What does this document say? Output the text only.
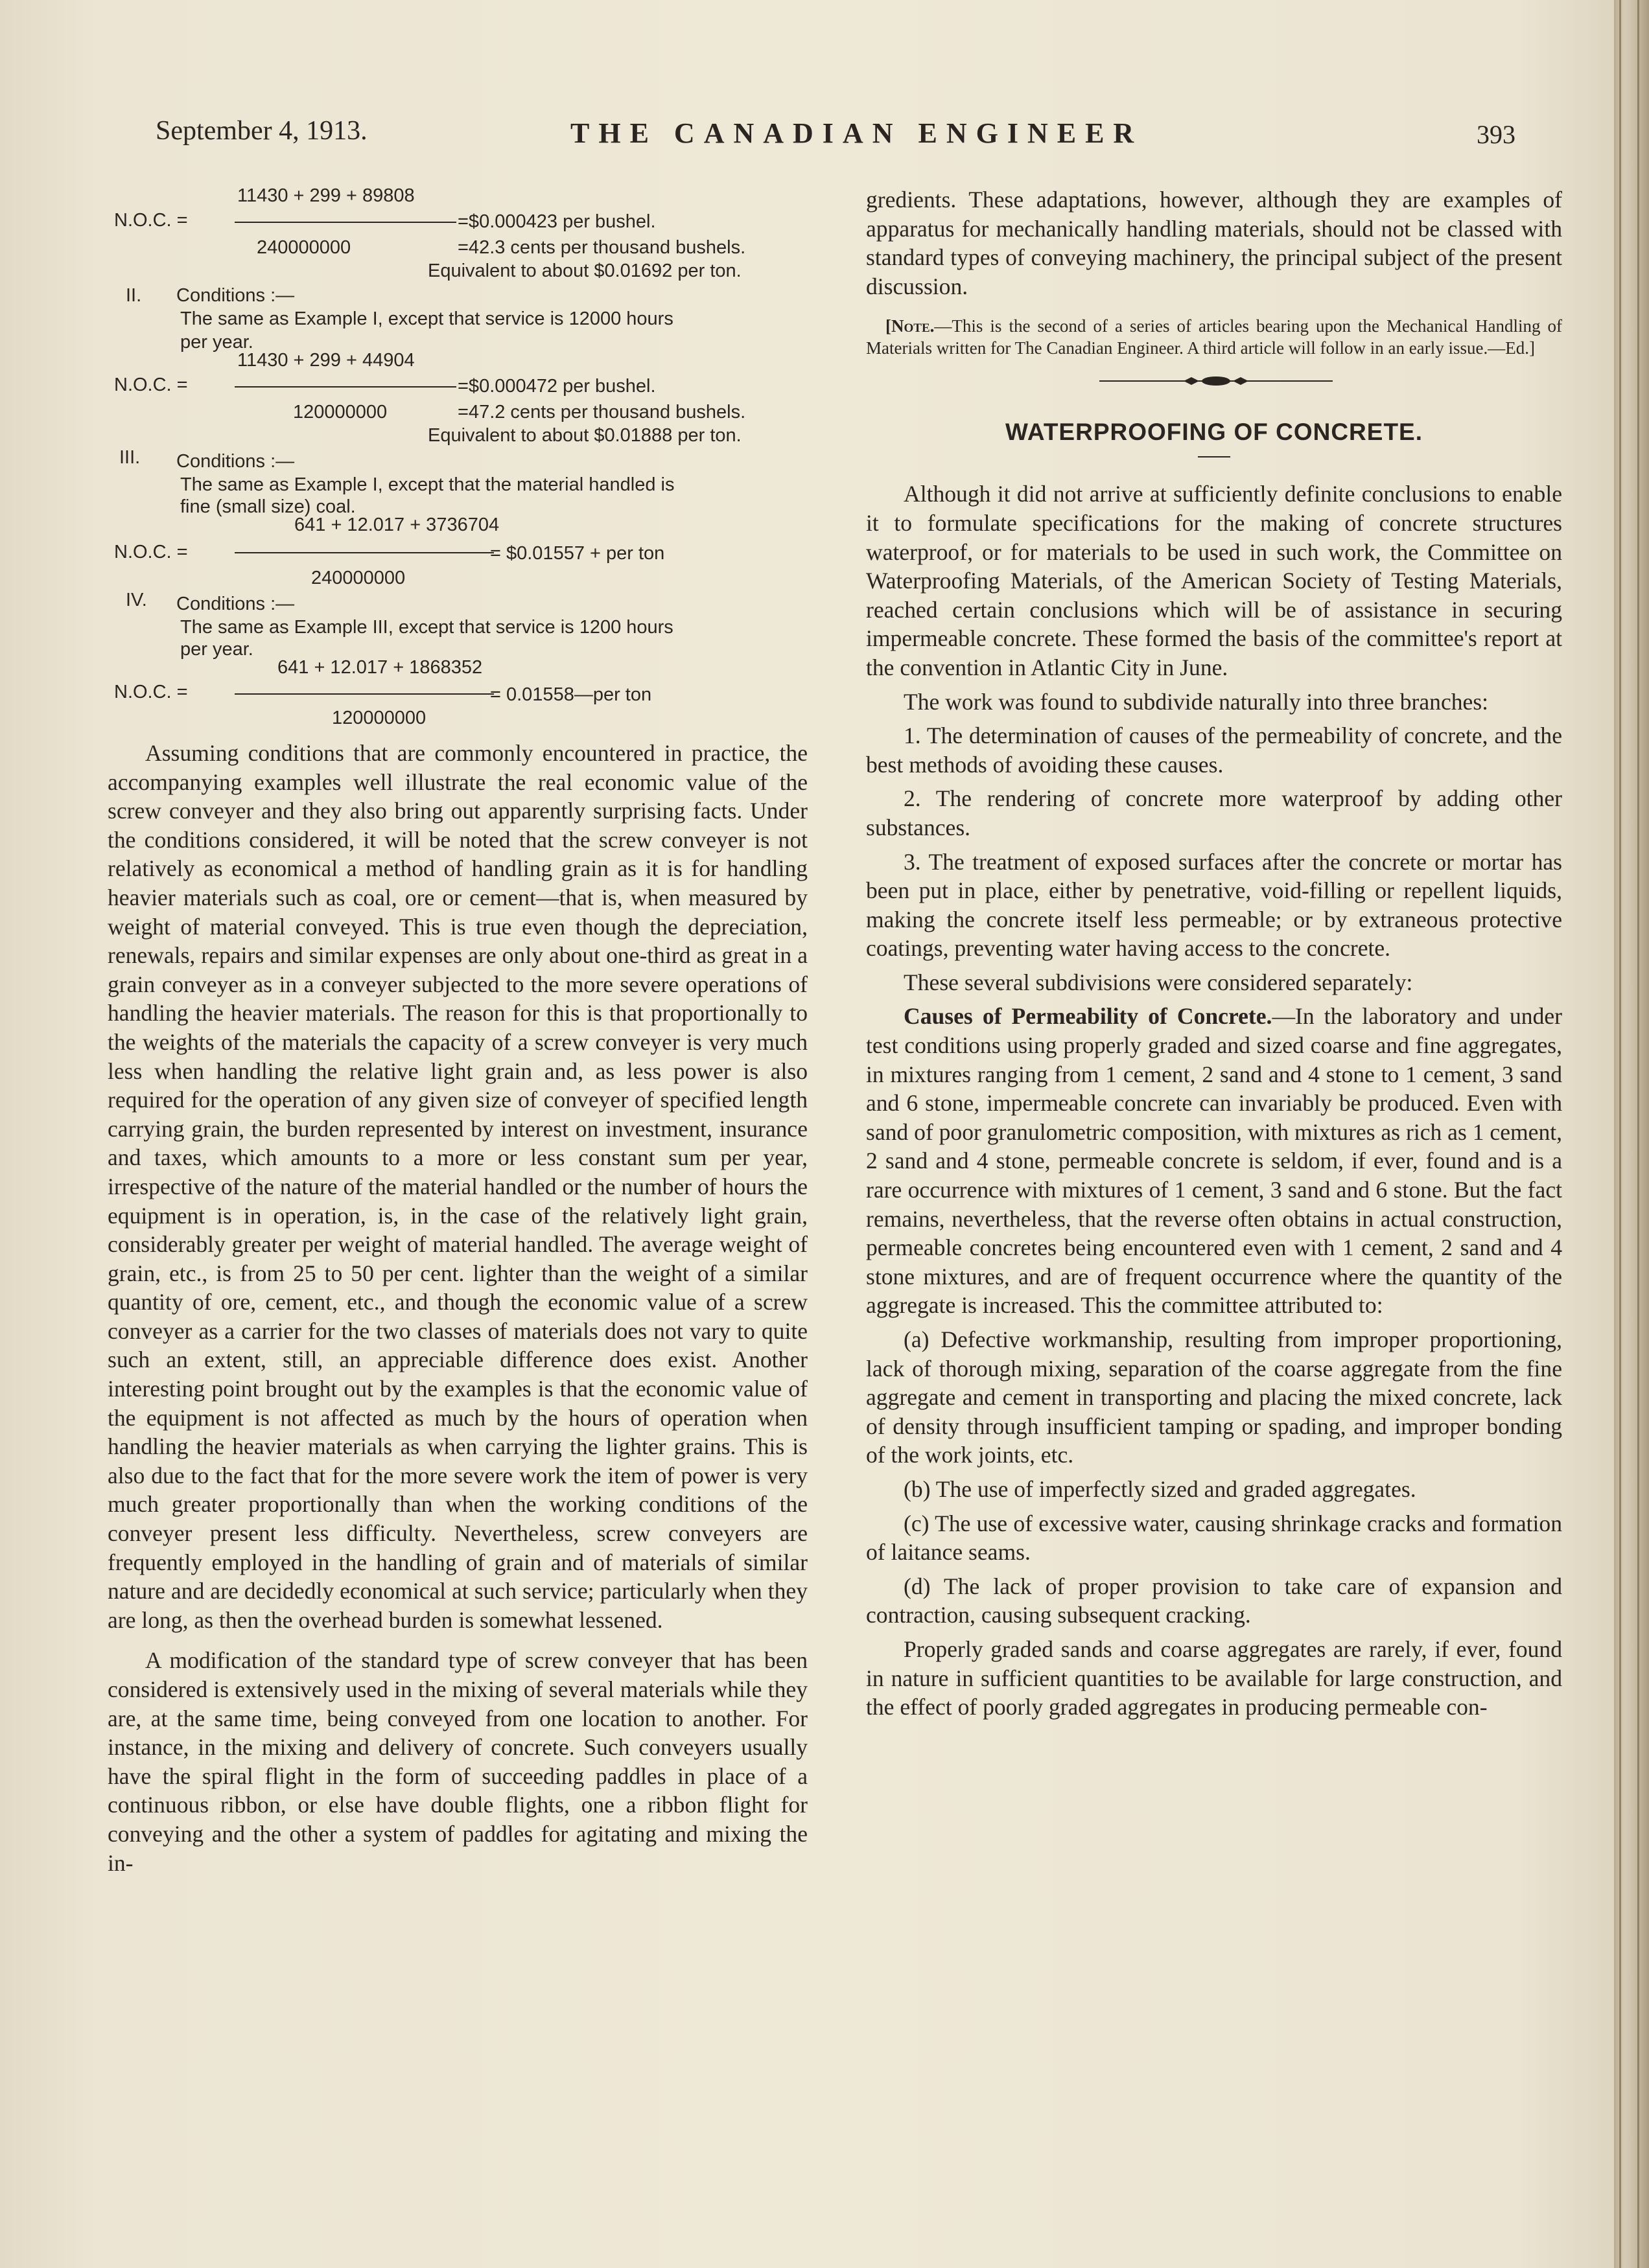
September 4, 1913.	THE CANADIAN ENGINEER	393
11430 + 299 + 89808
N.O.C. =	=$0.000423 per bushel.
240000000	=42.3 cents per thousand bushels.
Equivalent to about $0.01692 per ton.
II. Conditions :—
The same as Example I, except that service is 12000 hours
per year.
11430 + 299 + 44904
N.O.C. =	=$0.000472 per bushel.
120000000	=47.2 cents per thousand bushels.
Equivalent to about $0.01888 per ton.
III. Conditions :—
The same as Example I, except that the material handled is
fine (small size) coal.
641 + 12.017 + 3736704
N.O.C. =	= $0.01557 + per ton
240000000
IV. Conditions :—
The same as Example III, except that service is 1200 hours
per year.
641 + 12.017 + 1868352
N.O.C. =	= 0.01558—per ton
120000000

Assuming conditions that are commonly encountered in practice, the accompanying examples well illustrate the real economic value of the screw conveyer and they also bring out apparently surprising facts. Under the conditions considered, it will be noted that the screw conveyer is not relatively as economical a method of handling grain as it is for handling heavier materials such as coal, ore or cement—that is, when measured by weight of material conveyed. This is true even though the depreciation, renewals, repairs and similar expenses are only about one-third as great in a grain conveyer as in a conveyer subjected to the more severe operations of handling the heavier materials. The reason for this is that proportionally to the weights of the materials the capacity of a screw conveyer is very much less when handling the relative light grain and, as less power is also required for the operation of any given size of conveyer of specified length carrying grain, the burden represented by interest on investment, insurance and taxes, which amounts to a more or less constant sum per year, irrespective of the nature of the material handled or the number of hours the equipment is in operation, is, in the case of the relatively light grain, considerably greater per weight of material handled. The average weight of grain, etc., is from 25 to 50 per cent. lighter than the weight of a similar quantity of ore, cement, etc., and though the economic value of a screw conveyer as a carrier for the two classes of materials does not vary to quite such an extent, still, an appreciable difference does exist. Another interesting point brought out by the examples is that the economic value of the equipment is not affected as much by the hours of operation when handling the heavier materials as when carrying the lighter grains. This is also due to the fact that for the more severe work the item of power is very much greater proportionally than when the working conditions of the conveyer present less difficulty. Nevertheless, screw conveyers are frequently employed in the handling of grain and of materials of similar nature and are decidedly economical at such service; particularly when they are long, as then the overhead burden is somewhat lessened.

A modification of the standard type of screw conveyer that has been considered is extensively used in the mixing of several materials while they are, at the same time, being conveyed from one location to another. For instance, in the mixing and delivery of concrete. Such conveyers usually have the spiral flight in the form of succeeding paddles in place of a continuous ribbon, or else have double flights, one a ribbon flight for conveying and the other a system of paddles for agitating and mixing the in-

gredients. These adaptations, however, although they are examples of apparatus for mechanically handling materials, should not be classed with standard types of conveying machinery, the principal subject of the present discussion.

[Note.—This is the second of a series of articles bearing upon the Mechanical Handling of Materials written for The Canadian Engineer. A third article will follow in an early issue.—Ed.]

WATERPROOFING OF CONCRETE.

Although it did not arrive at sufficiently definite conclusions to enable it to formulate specifications for the making of concrete structures waterproof, or for materials to be used in such work, the Committee on Waterproofing Materials, of the American Society of Testing Materials, reached certain conclusions which will be of assistance in securing impermeable concrete. These formed the basis of the committee's report at the convention in Atlantic City in June.

The work was found to subdivide naturally into three branches:

1. The determination of causes of the permeability of concrete, and the best methods of avoiding these causes.

2. The rendering of concrete more waterproof by adding other substances.

3. The treatment of exposed surfaces after the concrete or mortar has been put in place, either by penetrative, void-filling or repellent liquids, making the concrete itself less permeable; or by extraneous protective coatings, preventing water having access to the concrete.

These several subdivisions were considered separately:

Causes of Permeability of Concrete.—In the laboratory and under test conditions using properly graded and sized coarse and fine aggregates, in mixtures ranging from 1 cement, 2 sand and 4 stone to 1 cement, 3 sand and 6 stone, impermeable concrete can invariably be produced. Even with sand of poor granulometric composition, with mixtures as rich as 1 cement, 2 sand and 4 stone, permeable concrete is seldom, if ever, found and is a rare occurrence with mixtures of 1 cement, 3 sand and 6 stone. But the fact remains, nevertheless, that the reverse often obtains in actual construction, permeable concretes being encountered even with 1 cement, 2 sand and 4 stone mixtures, and are of frequent occurrence where the quantity of the aggregate is increased. This the committee attributed to:

(a) Defective workmanship, resulting from improper proportioning, lack of thorough mixing, separation of the coarse aggregate from the fine aggregate and cement in transporting and placing the mixed concrete, lack of density through insufficient tamping or spading, and improper bonding of the work joints, etc.

(b) The use of imperfectly sized and graded aggregates.

(c) The use of excessive water, causing shrinkage cracks and formation of laitance seams.

(d) The lack of proper provision to take care of expansion and contraction, causing subsequent cracking.

Properly graded sands and coarse aggregates are rarely, if ever, found in nature in sufficient quantities to be available for large construction, and the effect of poorly graded aggregates in producing permeable con-
